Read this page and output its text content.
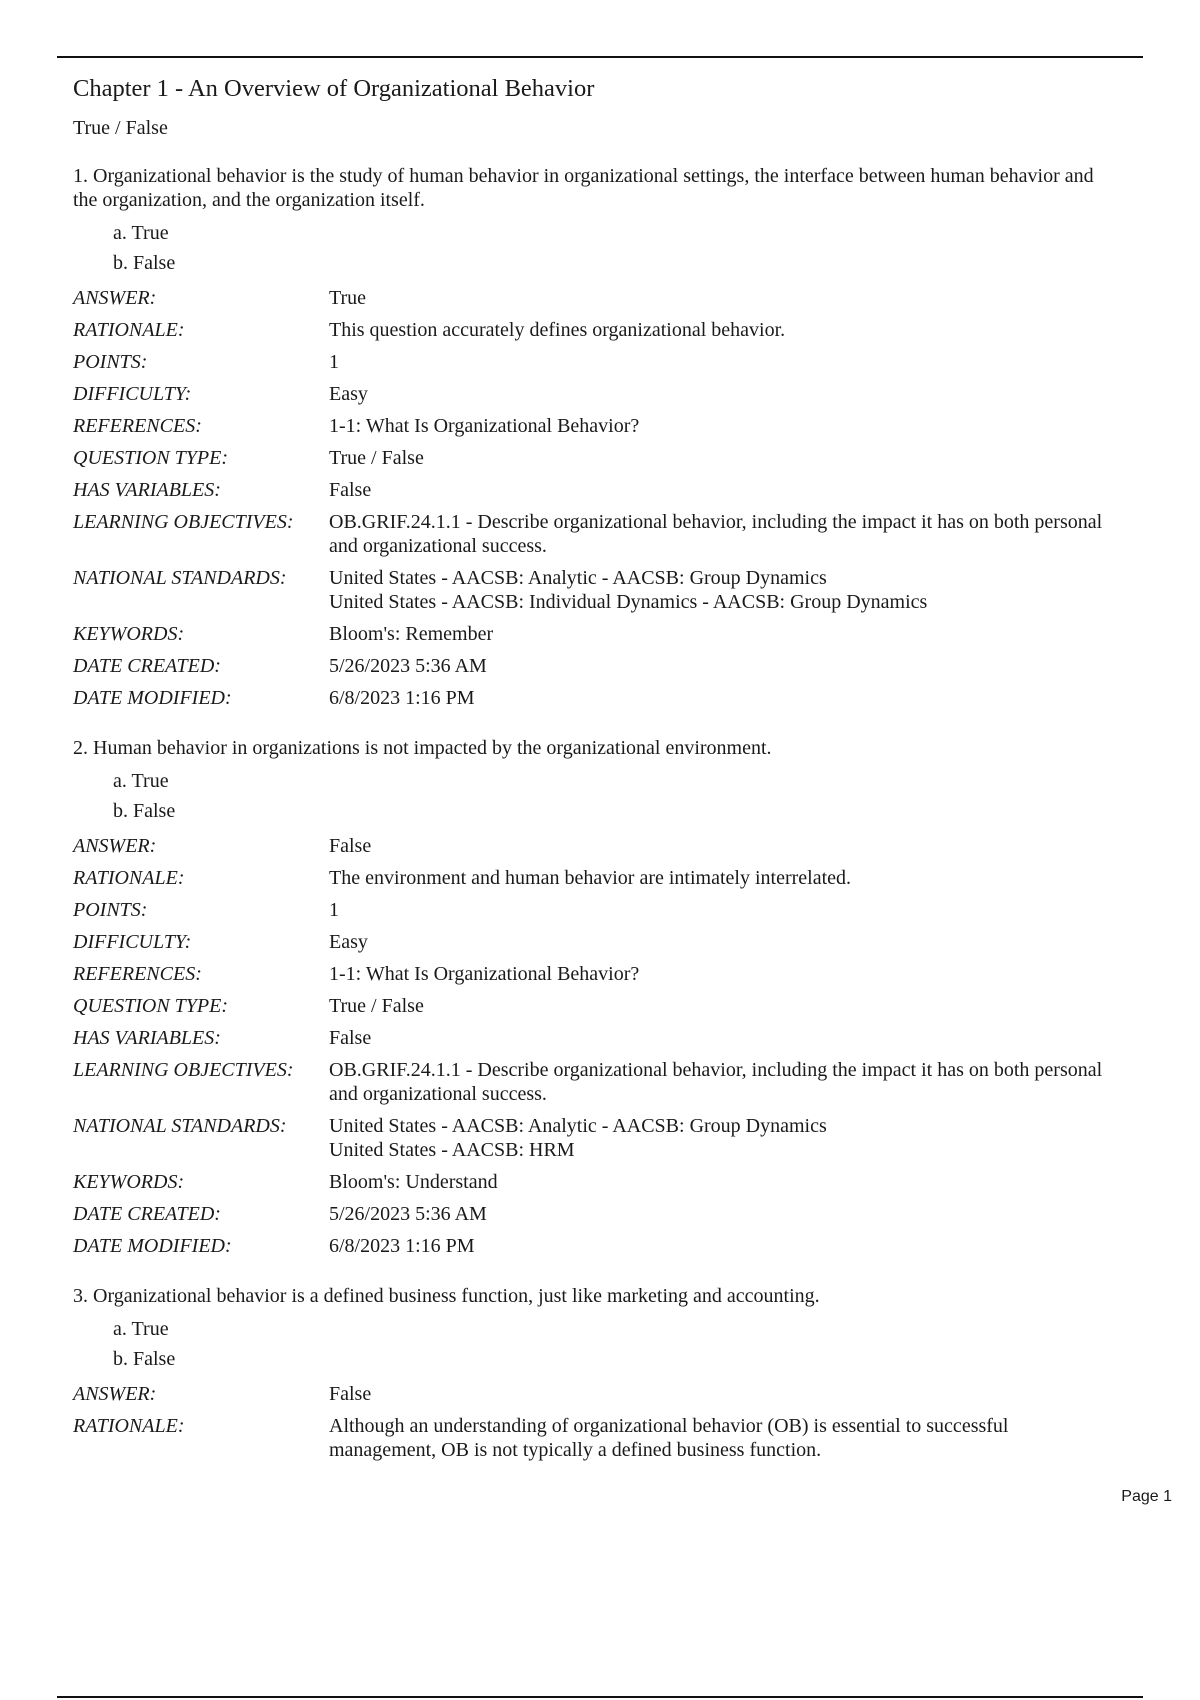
Chapter 1 - An Overview of Organizational Behavior
True / False
1. Organizational behavior is the study of human behavior in organizational settings, the interface between human behavior and the organization, and the organization itself.
a. True
b. False
ANSWER:	True
RATIONALE:	This question accurately defines organizational behavior.
POINTS:	1
DIFFICULTY:	Easy
REFERENCES:	1-1: What Is Organizational Behavior?
QUESTION TYPE:	True / False
HAS VARIABLES:	False
LEARNING OBJECTIVES:	OB.GRIF.24.1.1 - Describe organizational behavior, including the impact it has on both personal and organizational success.
NATIONAL STANDARDS:	United States - AACSB: Analytic - AACSB: Group Dynamics
United States - AACSB: Individual Dynamics - AACSB: Group Dynamics
KEYWORDS:	Bloom's: Remember
DATE CREATED:	5/26/2023 5:36 AM
DATE MODIFIED:	6/8/2023 1:16 PM
2. Human behavior in organizations is not impacted by the organizational environment.
a. True
b. False
ANSWER:	False
RATIONALE:	The environment and human behavior are intimately interrelated.
POINTS:	1
DIFFICULTY:	Easy
REFERENCES:	1-1: What Is Organizational Behavior?
QUESTION TYPE:	True / False
HAS VARIABLES:	False
LEARNING OBJECTIVES:	OB.GRIF.24.1.1 - Describe organizational behavior, including the impact it has on both personal and organizational success.
NATIONAL STANDARDS:	United States - AACSB: Analytic - AACSB: Group Dynamics
United States - AACSB: HRM
KEYWORDS:	Bloom's: Understand
DATE CREATED:	5/26/2023 5:36 AM
DATE MODIFIED:	6/8/2023 1:16 PM
3. Organizational behavior is a defined business function, just like marketing and accounting.
a. True
b. False
ANSWER:	False
RATIONALE:	Although an understanding of organizational behavior (OB) is essential to successful management, OB is not typically a defined business function.
Page 1
